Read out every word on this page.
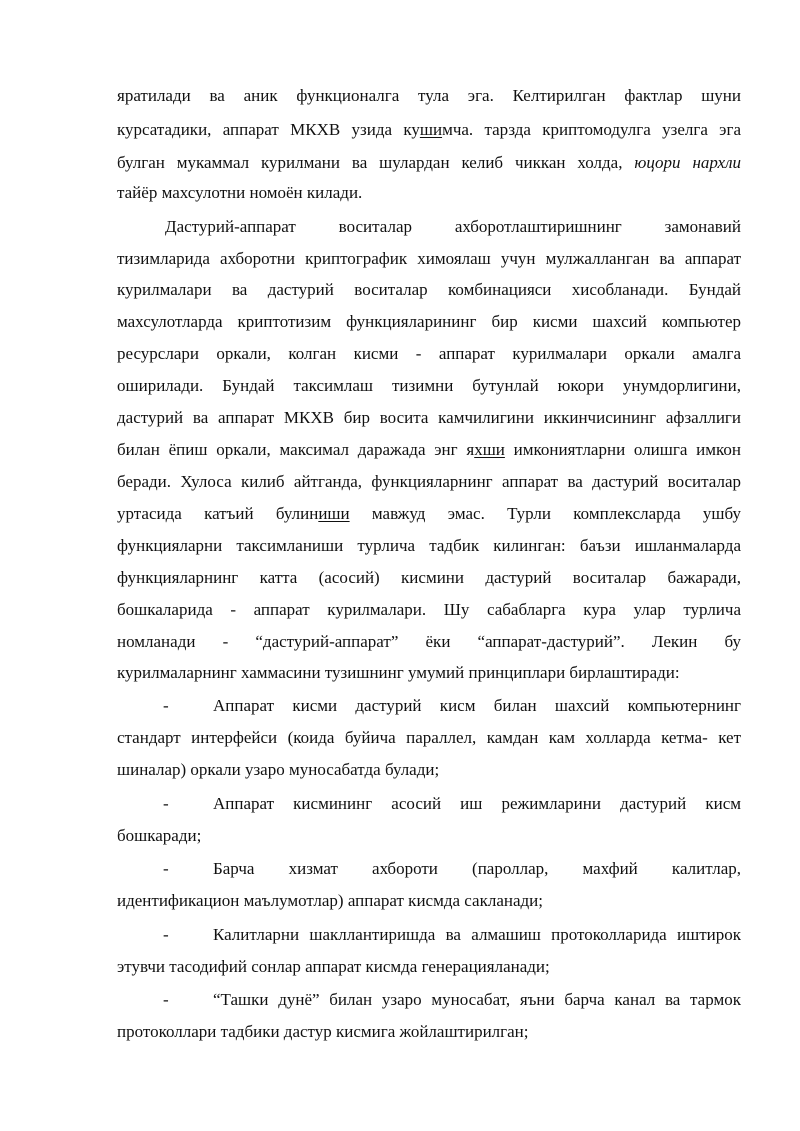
яратилади ва аник функционалга тула эга. Келтирилган фактлар шуни
курсатадики, аппарат МКХВ узида кушимча. тарзда криптомодулга узелга эга
булган мукаммал курилмани ва шулардан келиб чиккан холда, юцори нархли
тайёр махсулотни номоён килади.
Дастурий-аппарат воситалар ахборотлаштиришнинг замонавий
тизимларида ахборотни криптографик химоялаш учун мулжалланган ва аппарат
курилмалари ва дастурий воситалар комбинацияси хисобланади. Бундай
махсулотларда криптотизим функцияларининг бир кисми шахсий компьютер
ресурслари оркали, колган кисми - аппарат курилмалари оркали амалга
оширилади. Бундай таксимлаш тизимни бутунлай юкори унумдорлигини,
дастурий ва аппарат МКХВ бир восита камчилигини иккинчисининг афзаллиги
билан ёпиш оркали, максимал даражада энг яхши имкониятларни олишга имкон
беради. Хулоса килиб айтганда, функцияларнинг аппарат ва дастурий воситалар
уртасида катъий булиниши мавжуд эмас. Турли комплексларда ушбу
функцияларни таксимланиши турлича тадбик килинган: баъзи ишланмаларда
функцияларнинг катта (асосий) кисмини дастурий воситалар бажаради,
бошкаларида - аппарат курилмалари. Шу сабабларга кура улар турлича
номланади - “дастурий-аппарат” ёки “аппарат-дастурий”. Лекин бу
курилмаларнинг хаммасини тузишнинг умумий принциплари бирлаштиради:
-	Аппарат кисми дастурий кисм билан шахсий компьютернинг
стандарт интерфейси (коида буйича параллел, камдан кам холларда кетма- кет
шиналар) оркали узаро муносабатда булади;
-	Аппарат кисмининг асосий иш режимларини дастурий кисм
бошкаради;
-	Барча хизмат ахбороти (пароллар, махфий калитлар,
идентификацион маълумотлар) аппарат кисмда сакланади;
-	Калитларни шакллантиришда ва алмашиш протоколларида иштирок
этувчи тасодифий сонлар аппарат кисмда генерацияланади;
-	“Ташки дунё” билан узаро муносабат, яъни барча канал ва тармок
протоколлари тадбики дастур кисмига жойлаштирилган;
